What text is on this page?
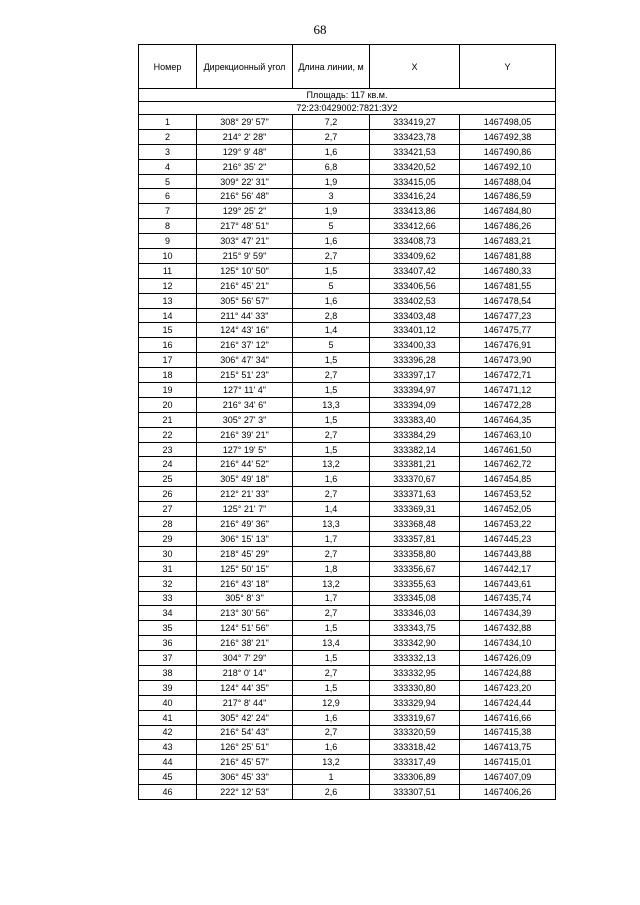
68
Номер	Дирекционный угол	Длина линии, м	X	Y
Площадь: 117 кв.м.				
72:23:0429002:7821:ЗУ2				
1	308° 29' 57"	7,2	333419,27	1467498,05
2	214° 2' 28"	2,7	333423,78	1467492,38
3	129° 9' 48"	1,6	333421,53	1467490,86
4	216° 35' 2"	6,8	333420,52	1467492,10
5	309° 22' 31"	1,9	333415,05	1467488,04
6	216° 56' 48"	3	333416,24	1467486,59
7	129° 25' 2"	1,9	333413,86	1467484,80
8	217° 48' 51"	5	333412,66	1467486,26
9	303° 47' 21"	1,6	333408,73	1467483,21
10	215° 9' 59"	2,7	333409,62	1467481,88
11	125° 10' 50"	1,5	333407,42	1467480,33
12	216° 45' 21"	5	333406,56	1467481,55
13	305° 56' 57"	1,6	333402,53	1467478,54
14	211° 44' 33"	2,8	333403,48	1467477,23
15	124° 43' 16"	1,4	333401,12	1467475,77
16	216° 37' 12"	5	333400,33	1467476,91
17	306° 47' 34"	1,5	333396,28	1467473,90
18	215° 51' 23"	2,7	333397,17	1467472,71
19	127° 11' 4"	1,5	333394,97	1467471,12
20	216° 34' 6"	13,3	333394,09	1467472,28
21	305° 27' 3"	1,5	333383,40	1467464,35
22	216° 39' 21"	2,7	333384,29	1467463,10
23	127° 19' 5"	1,5	333382,14	1467461,50
24	216° 44' 52"	13,2	333381,21	1467462,72
25	305° 49' 18"	1,6	333370,67	1467454,85
26	212° 21' 33"	2,7	333371,63	1467453,52
27	125° 21' 7"	1,4	333369,31	1467452,05
28	216° 49' 36"	13,3	333368,48	1467453,22
29	306° 15' 13"	1,7	333357,81	1467445,23
30	218° 45' 29"	2,7	333358,80	1467443,88
31	125° 50' 15"	1,8	333356,67	1467442,17
32	216° 43' 18"	13,2	333355,63	1467443,61
33	305° 8' 3"	1,7	333345,08	1467435,74
34	213° 30' 56"	2,7	333346,03	1467434,39
35	124° 51' 56"	1,5	333343,75	1467432,88
36	216° 38' 21"	13,4	333342,90	1467434,10
37	304° 7' 29"	1,5	333332,13	1467426,09
38	218° 0' 14"	2,7	333332,95	1467424,88
39	124° 44' 35"	1,5	333330,80	1467423,20
40	217° 8' 44"	12,9	333329,94	1467424,44
41	305° 42' 24"	1,6	333319,67	1467416,66
42	216° 54' 43"	2,7	333320,59	1467415,38
43	126° 25' 51"	1,6	333318,42	1467413,75
44	216° 45' 57"	13,2	333317,49	1467415,01
45	306° 45' 33"	1	333306,89	1467407,09
46	222° 12' 53"	2,6	333307,51	1467406,26
